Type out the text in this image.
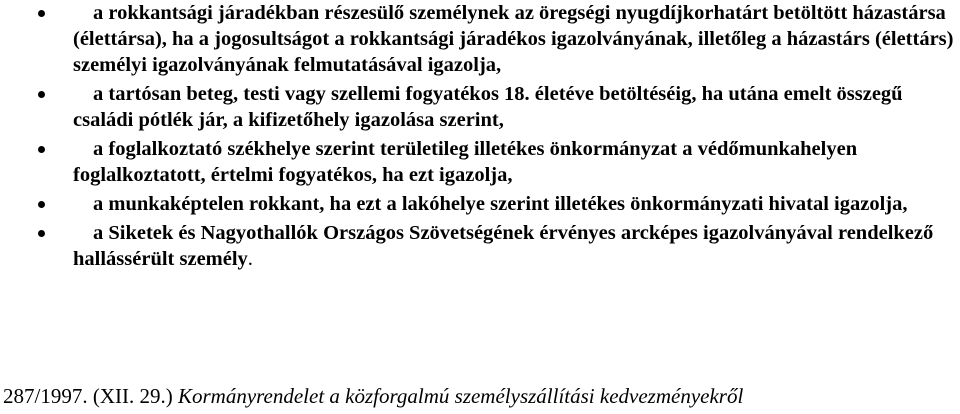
a rokkantsági járadékban részesülő személynek az öregségi nyugdíjkorhatárt betöltött házastársa (élettársa), ha a jogosultságot a rokkantsági járadékos igazolványának, illetőleg a házastárs (élettárs) személyi igazolványának felmutatásával igazolja,
a tartósan beteg, testi vagy szellemi fogyatékos 18. életéve betöltéséig, ha utána emelt összegű családi pótlék jár, a kifizetőhely igazolása szerint,
a foglalkoztató székhelye szerint területileg illetékes önkormányzat a védőmunkahelyen foglalkoztatott, értelmi fogyatékos, ha ezt igazolja,
a munkaképtelen rokkant, ha ezt a lakóhelye szerint illetékes önkormányzati hivatal igazolja,
a Siketek és Nagyothallók Országos Szövetségének érvényes arcképes igazolványával rendelkező hallássérült személy.
287/1997. (XII. 29.) Kormányrendelet a közforgalmú személyszállítási kedvezményekről
